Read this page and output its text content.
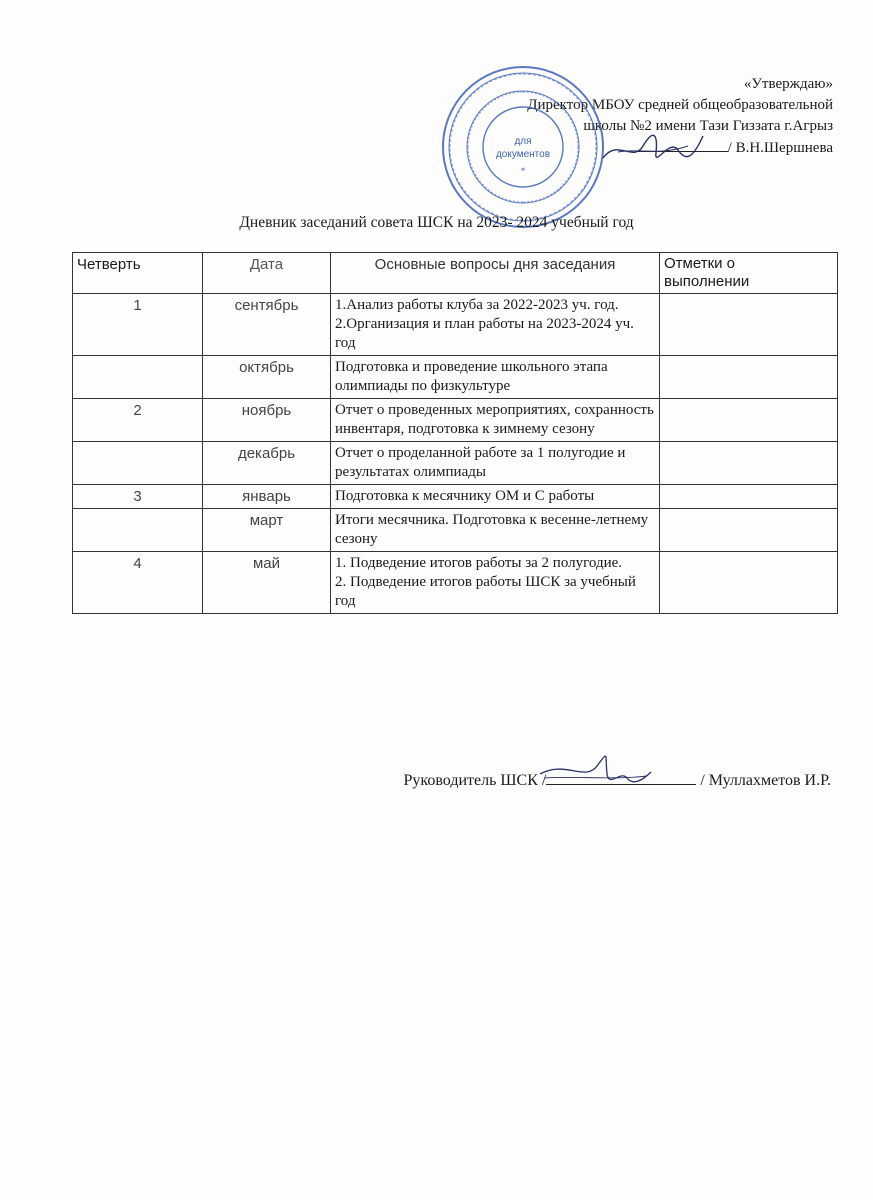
«Утверждаю»
Директор МБОУ средней общеобразовательной
школы №2 имени Тази Гиззата г.Агрыз
/ В.Н.Шершнева
для
документов
*
Дневник заседаний совета ШСК на 2023- 2024 учебный год
Четверть	Дата	Основные вопросы дня заседания	Отметки о
выполнении
1	сентябрь	1.Анализ работы клуба за 2022-2023 уч. год.
2.Организация и план работы на 2023-2024 уч. год	

	октябрь	Подготовка и проведение школьного этапа олимпиады по физкультуре	

2	ноябрь	Отчет о проведенных мероприятиях, сохранность инвентаря, подготовка к зимнему сезону	

	декабрь	Отчет о проделанной работе за 1 полугодие и результатах олимпиады	

3	январь	Подготовка к месячнику ОМ и С работы	

	март	Итоги месячника. Подготовка к весенне-летнему сезону	

4	май	1. Подведение итогов работы за 2 полугодие.
2. Подведение итогов работы ШСК за учебный год	

Руководитель ШСК /	/ Муллахметов И.Р.
